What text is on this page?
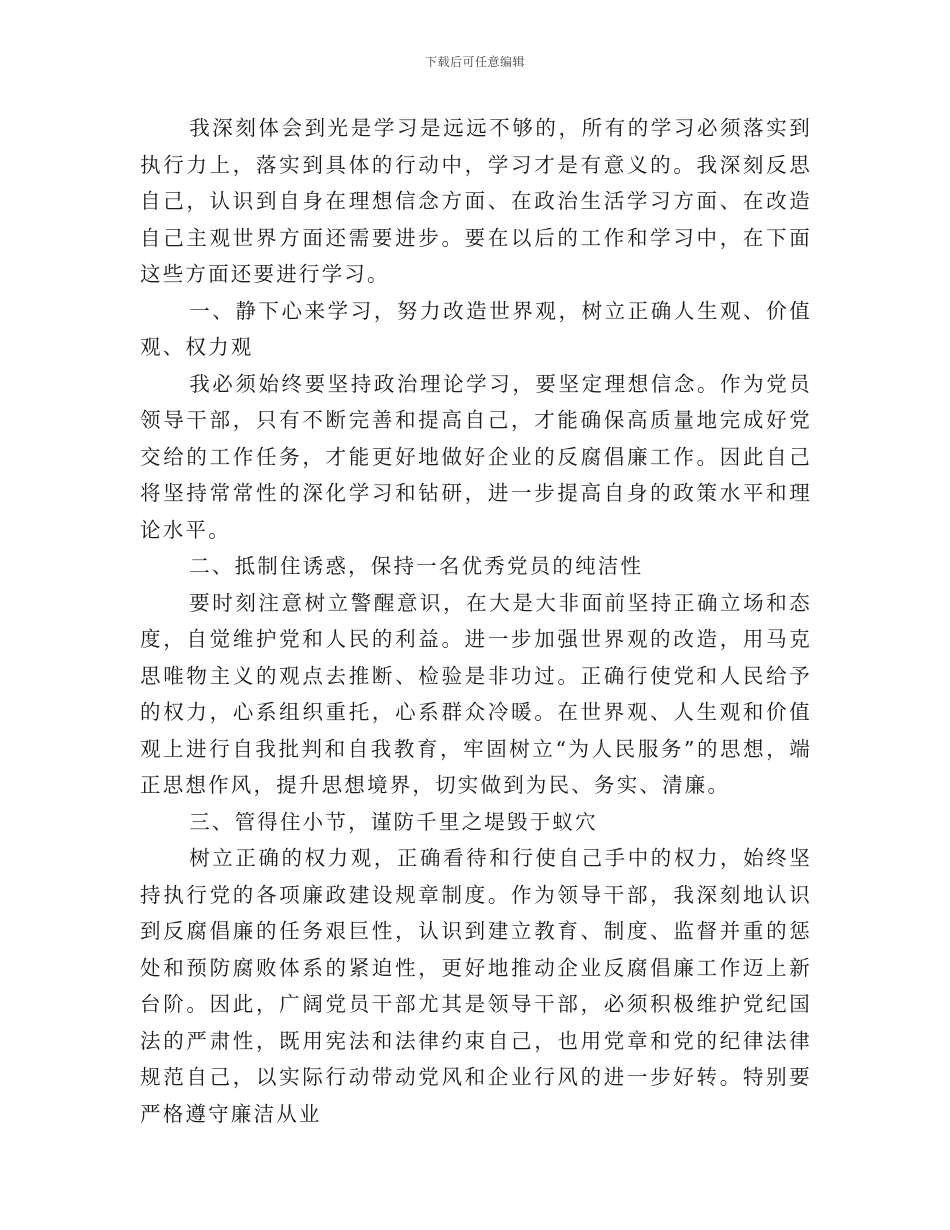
下载后可任意编辑

我深刻体会到光是学习是远远不够的，所有的学习必须落实到执行力上，落实到具体的行动中，学习才是有意义的。我深刻反思自己，认识到自身在理想信念方面、在政治生活学习方面、在改造自己主观世界方面还需要进步。要在以后的工作和学习中，在下面这些方面还要进行学习。

一、静下心来学习，努力改造世界观，树立正确人生观、价值观、权力观

我必须始终要坚持政治理论学习，要坚定理想信念。作为党员领导干部，只有不断完善和提高自己，才能确保高质量地完成好党交给的工作任务，才能更好地做好企业的反腐倡廉工作。因此自己将坚持常常性的深化学习和钻研，进一步提高自身的政策水平和理论水平。

二、抵制住诱惑，保持一名优秀党员的纯洁性

要时刻注意树立警醒意识，在大是大非面前坚持正确立场和态度，自觉维护党和人民的利益。进一步加强世界观的改造，用马克思唯物主义的观点去推断、检验是非功过。正确行使党和人民给予的权力，心系组织重托，心系群众冷暖。在世界观、人生观和价值观上进行自我批判和自我教育，牢固树立“为人民服务”的思想，端正思想作风，提升思想境界，切实做到为民、务实、清廉。

三、管得住小节，谨防千里之堤毁于蚁穴

树立正确的权力观，正确看待和行使自己手中的权力，始终坚持执行党的各项廉政建设规章制度。作为领导干部，我深刻地认识到反腐倡廉的任务艰巨性，认识到建立教育、制度、监督并重的惩处和预防腐败体系的紧迫性，更好地推动企业反腐倡廉工作迈上新台阶。因此，广阔党员干部尤其是领导干部，必须积极维护党纪国法的严肃性，既用宪法和法律约束自己，也用党章和党的纪律法律规范自己，以实际行动带动党风和企业行风的进一步好转。特别要严格遵守廉洁从业
